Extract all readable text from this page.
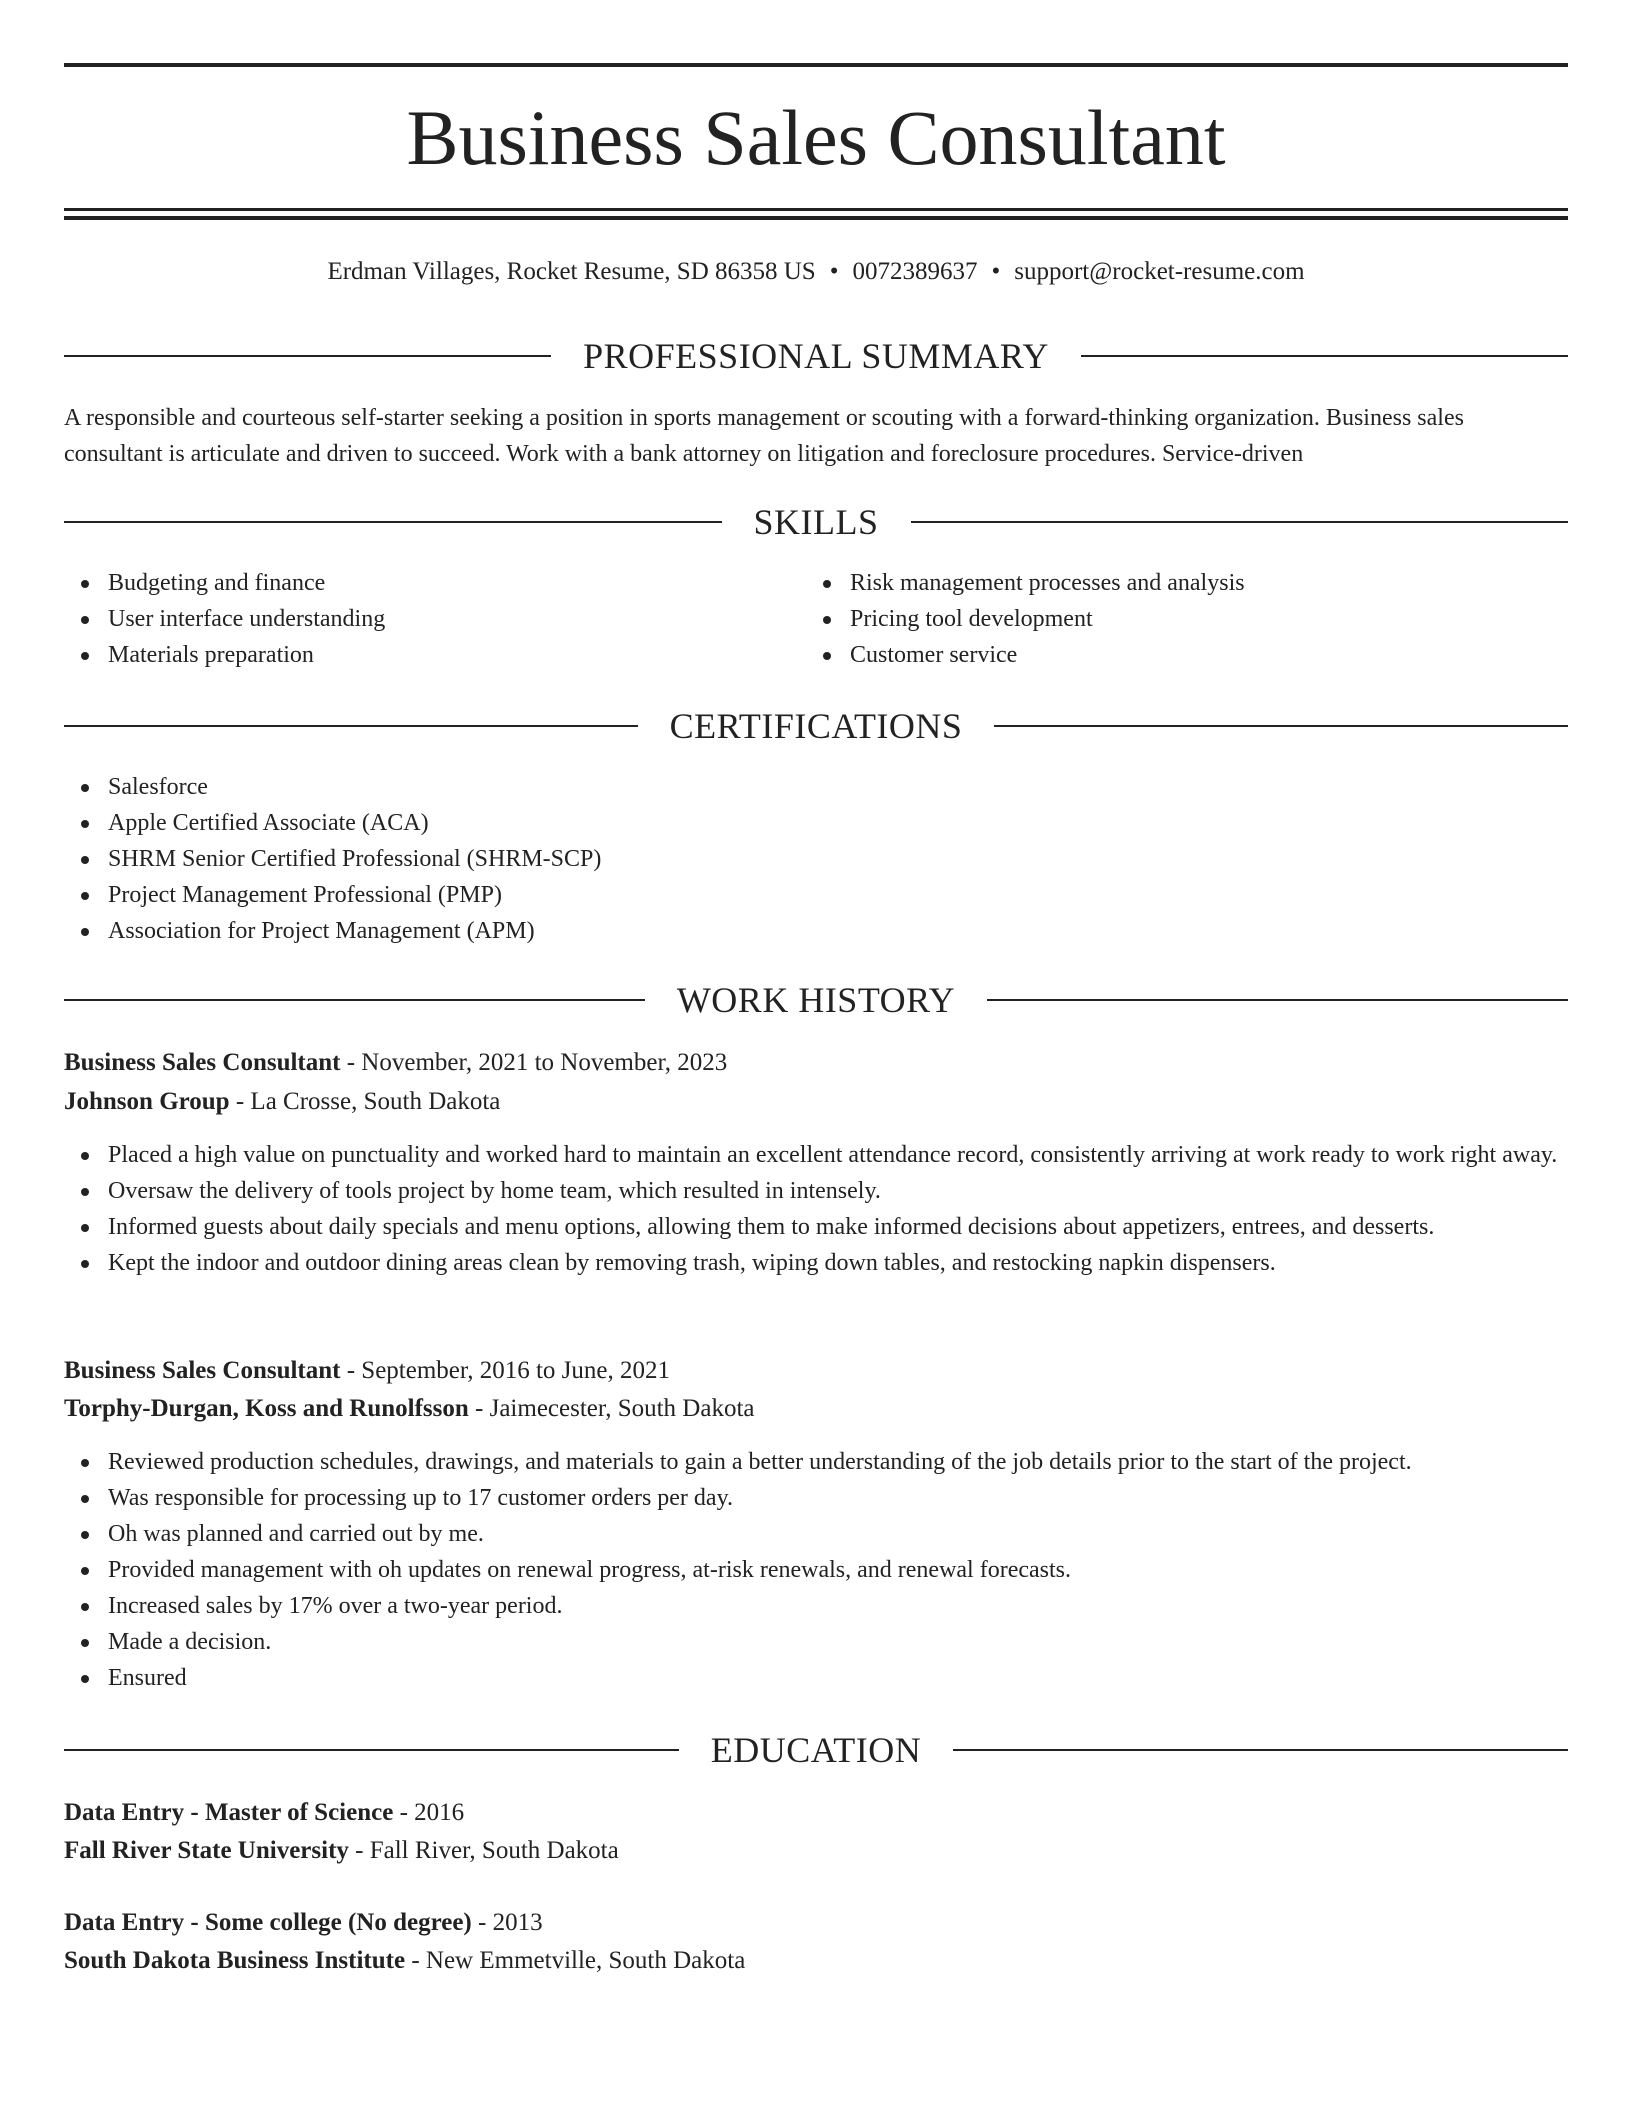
Business Sales Consultant
Erdman Villages, Rocket Resume, SD 86358 US • 0072389637 • support@rocket-resume.com
PROFESSIONAL SUMMARY

A responsible and courteous self-starter seeking a position in sports management or scouting with a forward-thinking organization. Business sales consultant is articulate and driven to succeed. Work with a bank attorney on litigation and foreclosure procedures. Service-driven

SKILLS
Budgeting and finance
User interface understanding
Materials preparation
Risk management processes and analysis
Pricing tool development
Customer service
CERTIFICATIONS
Salesforce
Apple Certified Associate (ACA)
SHRM Senior Certified Professional (SHRM-SCP)
Project Management Professional (PMP)
Association for Project Management (APM)
WORK HISTORY
Business Sales Consultant - November, 2021 to November, 2023
Johnson Group - La Crosse, South Dakota
Placed a high value on punctuality and worked hard to maintain an excellent attendance record, consistently arriving at work ready to work right away.
Oversaw the delivery of tools project by home team, which resulted in intensely.
Informed guests about daily specials and menu options, allowing them to make informed decisions about appetizers, entrees, and desserts.
Kept the indoor and outdoor dining areas clean by removing trash, wiping down tables, and restocking napkin dispensers.
Business Sales Consultant - September, 2016 to June, 2021
Torphy-Durgan, Koss and Runolfsson - Jaimecester, South Dakota
Reviewed production schedules, drawings, and materials to gain a better understanding of the job details prior to the start of the project.
Was responsible for processing up to 17 customer orders per day.
Oh was planned and carried out by me.
Provided management with oh updates on renewal progress, at-risk renewals, and renewal forecasts.
Increased sales by 17% over a two-year period.
Made a decision.
Ensured
EDUCATION
Data Entry - Master of Science - 2016
Fall River State University - Fall River, South Dakota
Data Entry - Some college (No degree) - 2013
South Dakota Business Institute - New Emmetville, South Dakota
